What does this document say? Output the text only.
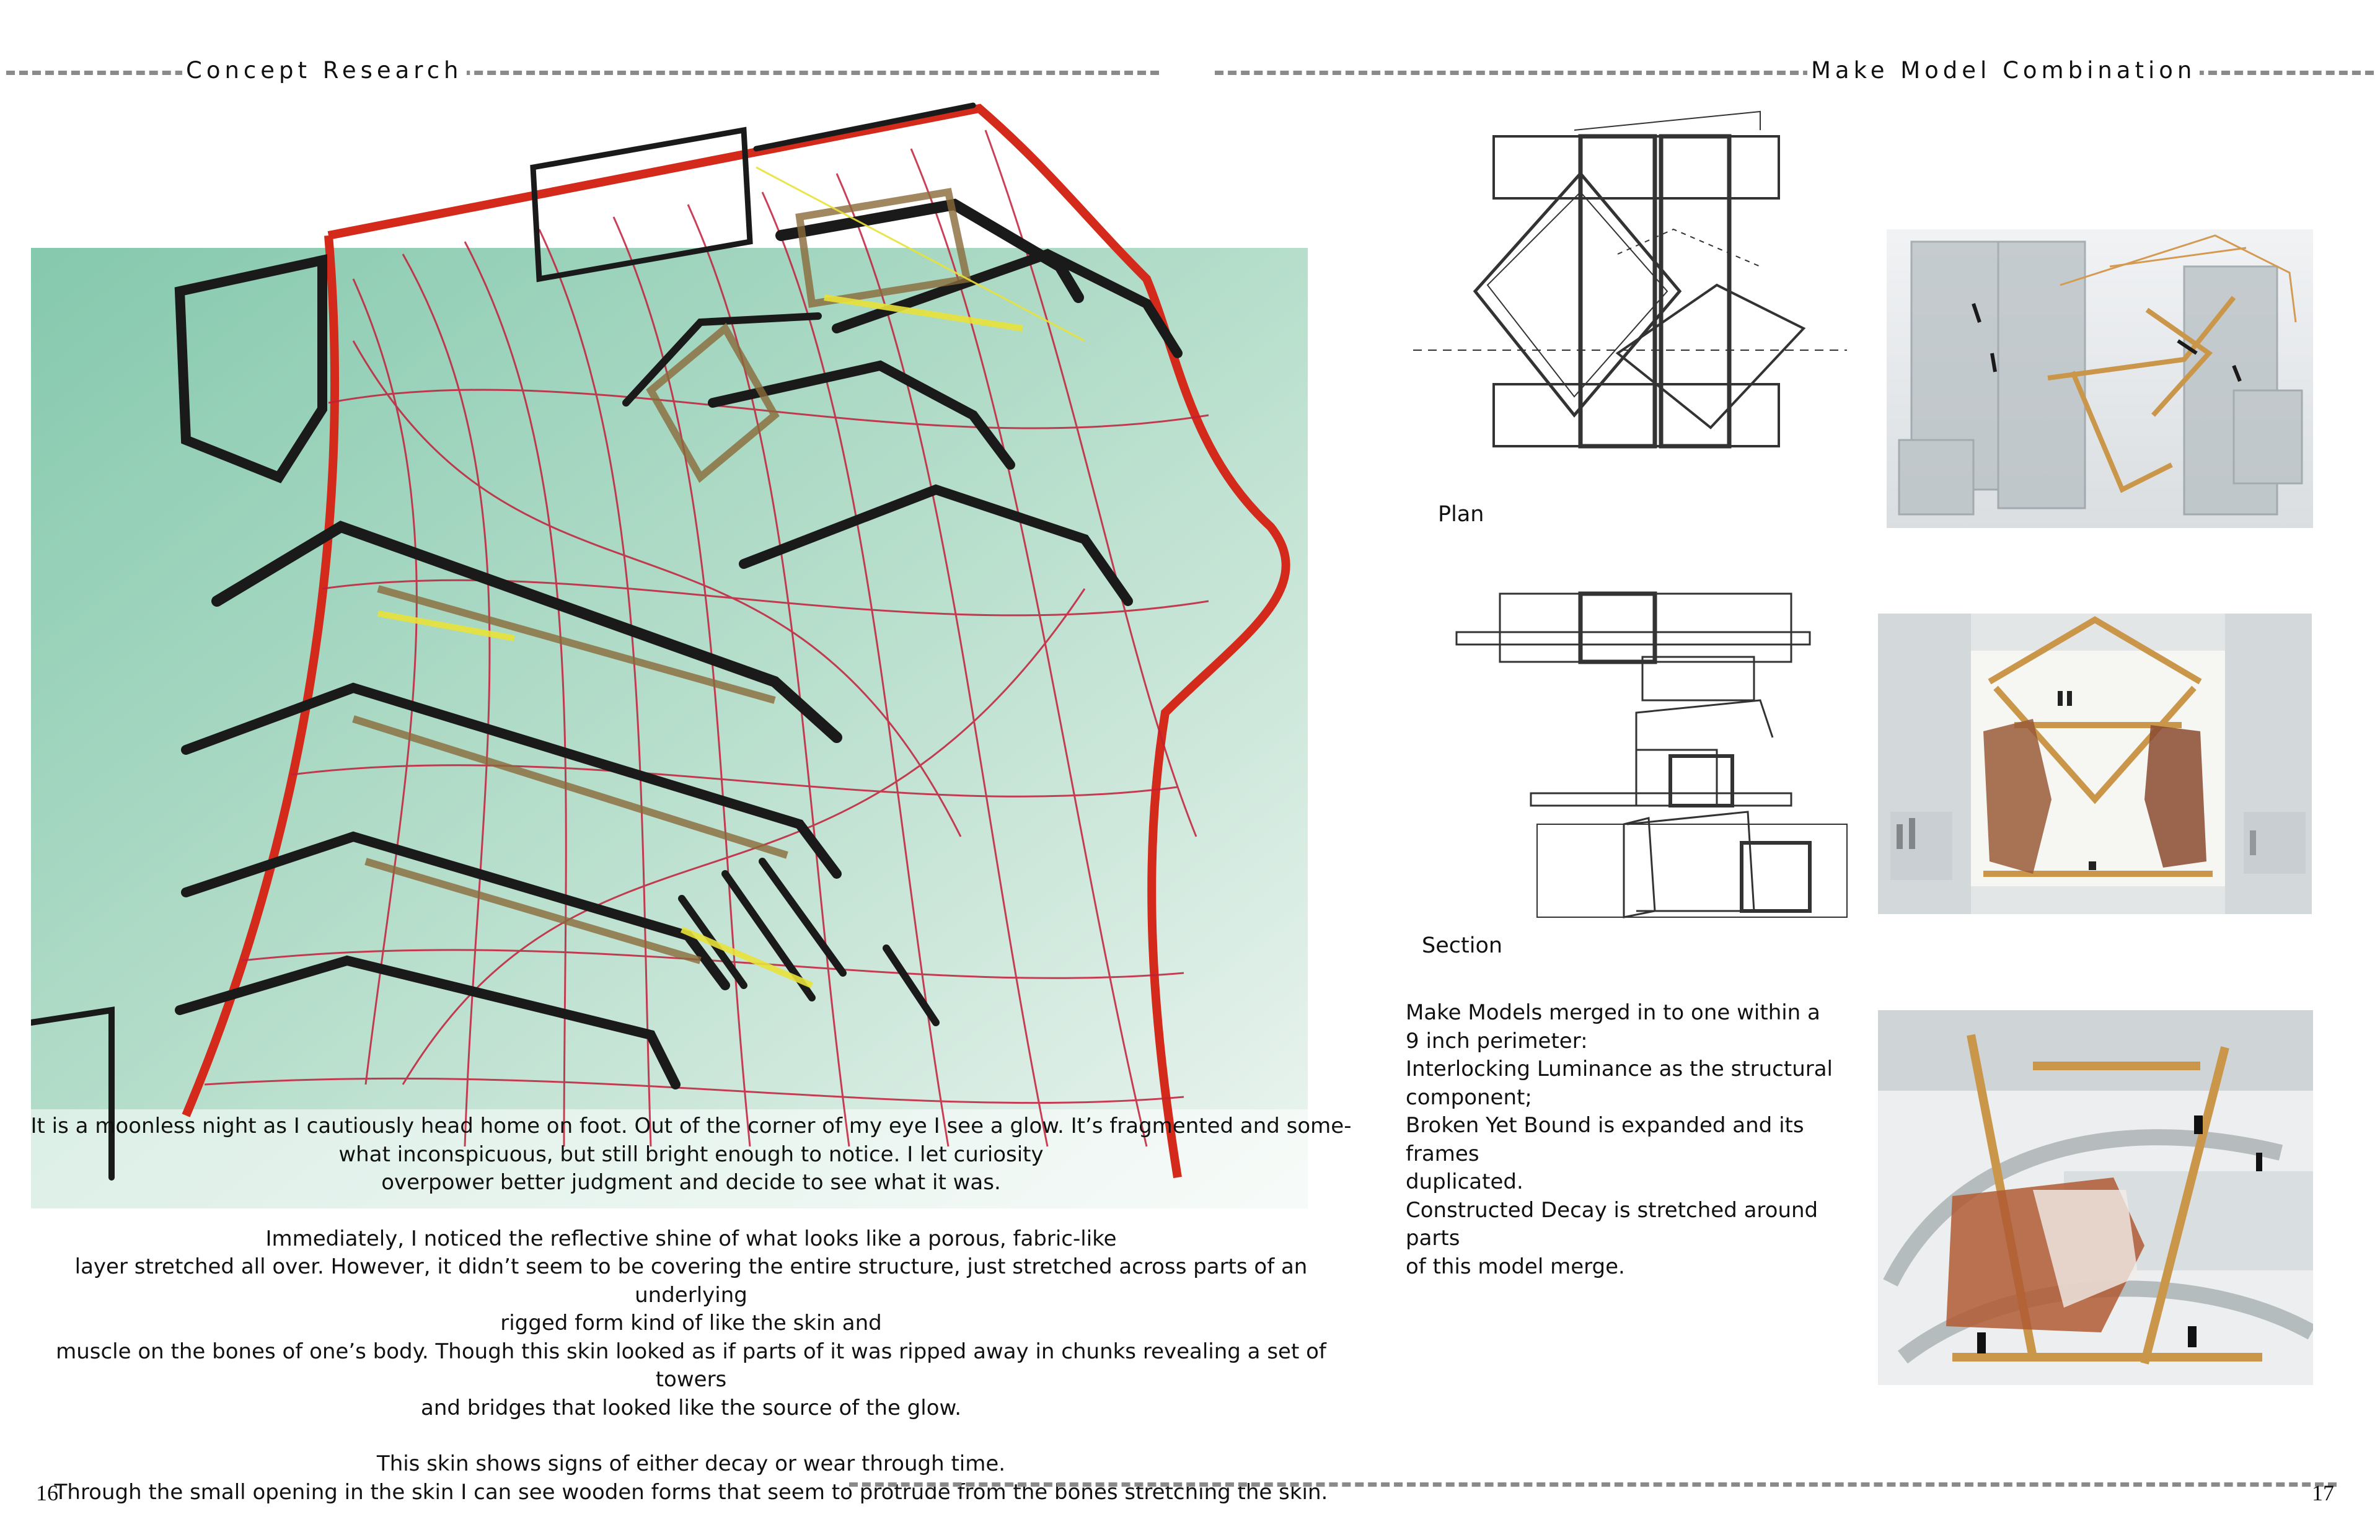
Concept Research	Make Model Combination

It is a moonless night as I cautiously head home on foot. Out of the corner of my eye I see a glow. It’s fragmented and some-

what inconspicuous, but still bright enough to notice. I let curiosity

overpower better judgment and decide to see what it was.

Immediately, I noticed the reflective shine of what looks like a porous, fabric-like

layer stretched all over. However, it didn’t seem to be covering the entire structure, just stretched across parts of an underlying

rigged form kind of like the skin and

muscle on the bones of one’s body. Though this skin looked as if parts of it was ripped away in chunks revealing a set of towers

and bridges that looked like the source of the glow.

This skin shows signs of either decay or wear through time.

Through the small opening in the skin I can see wooden forms that seem to protrude from the bones stretching the skin.

Plan
Section

Make Models merged in to one within a

9 inch perimeter:

Interlocking Luminance as the structural

component;

Broken Yet Bound is expanded and its

frames

duplicated.

Constructed Decay is stretched around parts

of this model merge.

16	17
